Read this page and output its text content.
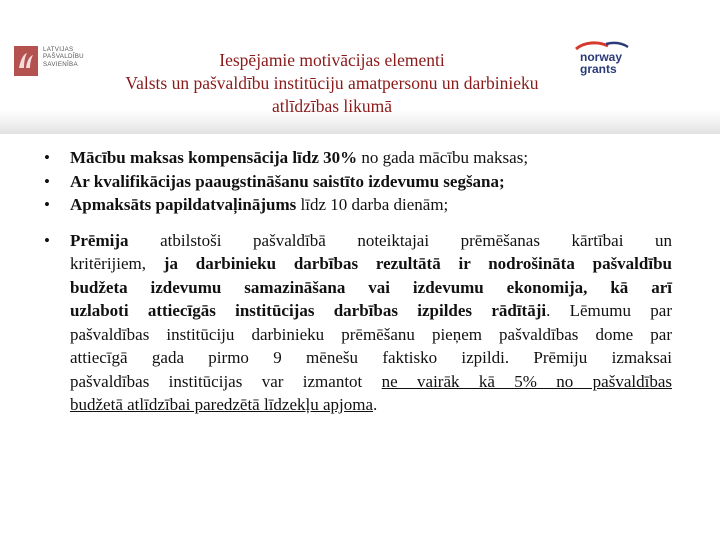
LATVIJAS
PAŠVALDĪBU
SAVIENĪBA	Iespējamie motivācijas elementi
Valsts un pašvaldību institūciju amatpersonu un darbinieku
atlīdzības likumā
norway
grants
•	Mācību maksas kompensācija līdz 30% no gada mācību maksas;
•	Ar kvalifikācijas paaugstināšanu saistīto izdevumu segšana;
•	Apmaksāts papildatvaļinājums līdz 10 darba dienām;
•	Prēmija atbilstoši pašvaldībā noteiktajai prēmēšanas kārtībai un
kritērijiem, ja darbinieku darbības rezultātā ir nodrošināta pašvaldību
budžeta izdevumu samazināšana vai izdevumu ekonomija, kā arī
uzlaboti attiecīgās institūcijas darbības izpildes rādītāji. Lēmumu par
pašvaldības institūciju darbinieku prēmēšanu pieņem pašvaldības dome par
attiecīgā gada pirmo 9 mēnešu faktisko izpildi. Prēmiju izmaksai
pašvaldības institūcijas var izmantot ne vairāk kā 5% no pašvaldības
budžetā atlīdzībai paredzētā līdzekļu apjoma.
